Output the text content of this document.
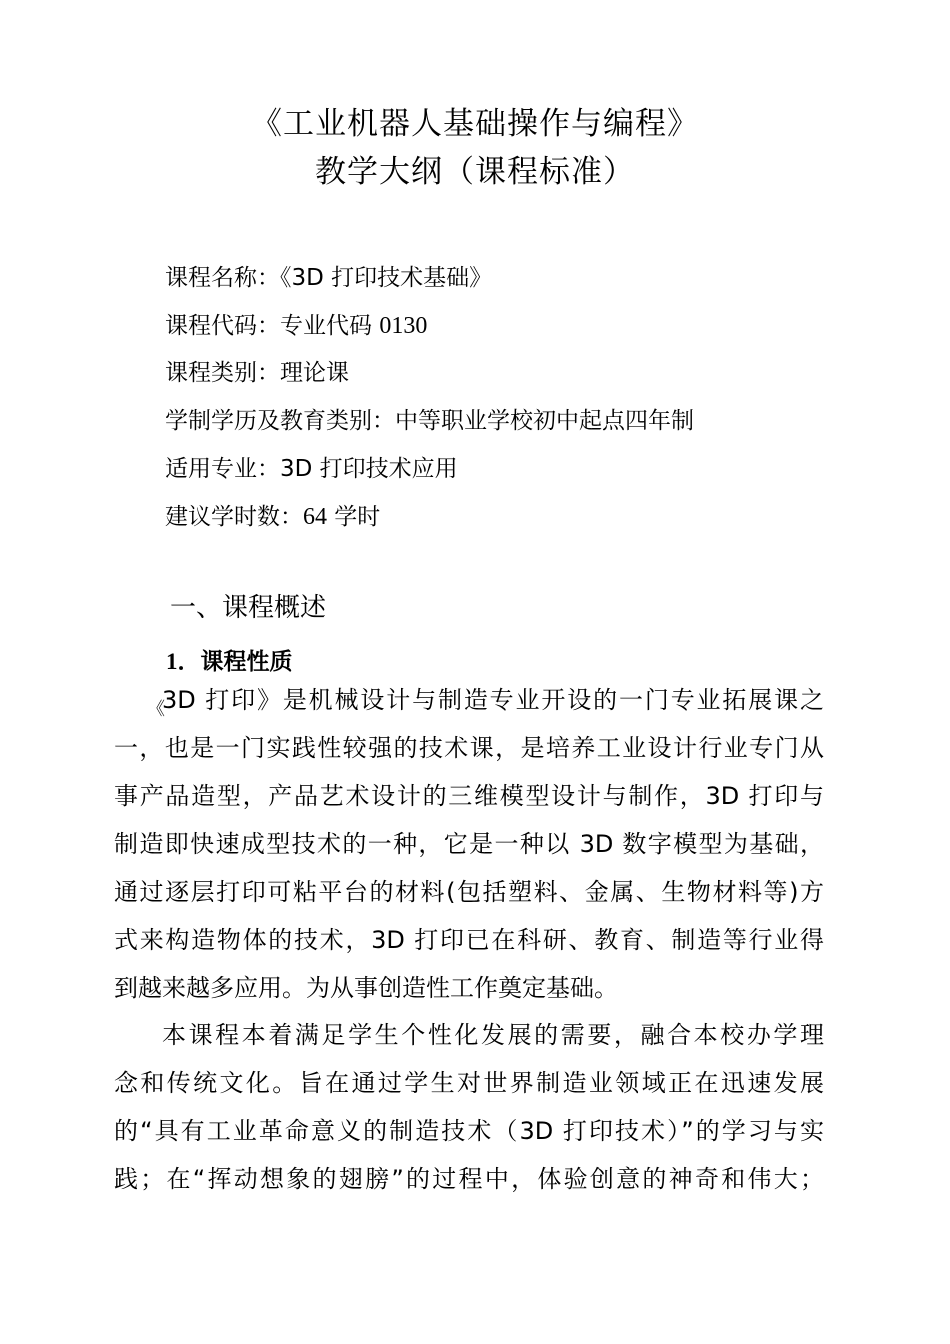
《工业机器人基础操作与编程》
教学大纲（课程标准）
课程名称：《3D 打印技术基础》
课程代码：专业代码 0130
课程类别：理论课
学制学历及教育类别：中等职业学校初中起点四年制
适用专业：3D 打印技术应用
建议学时数：64 学时
一、课程概述
1．课程性质
《
3D 打印》是机械设计与制造专业开设的一门专业拓展课之
一，也是一门实践性较强的技术课，是培养工业设计行业专门从
事产品造型，产品艺术设计的三维模型设计与制作，3D 打印与
制造即快速成型技术的一种，它是一种以 3D 数字模型为基础，
通过逐层打印可粘平台的材料(包括塑料、金属、生物材料等)方
式来构造物体的技术，3D 打印已在科研、教育、制造等行业得
到越来越多应用。为从事创造性工作奠定基础。
本课程本着满足学生个性化发展的需要，融合本校办学理
念和传统文化。旨在通过学生对世界制造业领域正在迅速发展
的“具有工业革命意义的制造技术（3D 打印技术）”的学习与实
践；在“挥动想象的翅膀”的过程中，体验创意的神奇和伟大；
